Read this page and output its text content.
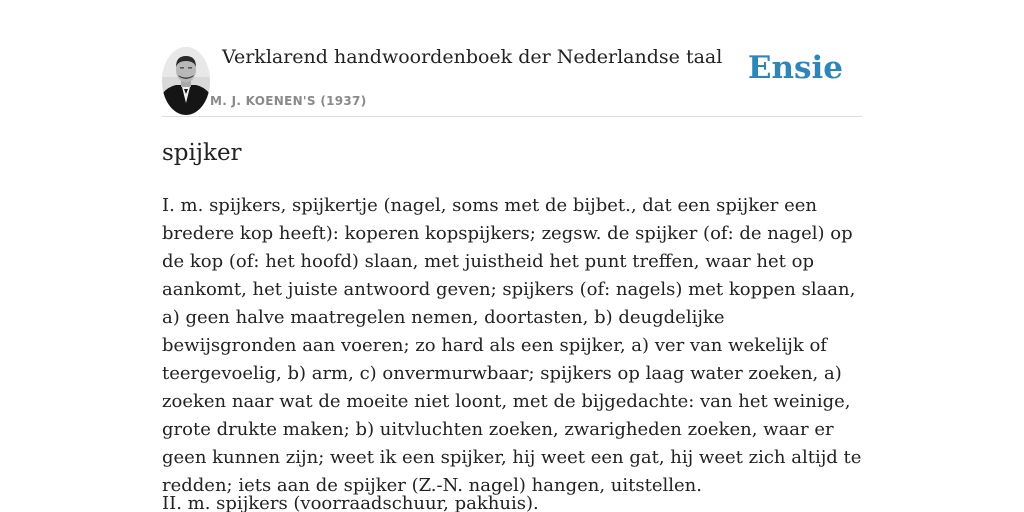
Verklarend handwoordenboek der Nederlandse taal
M. J. KOENEN'S (1937)
Ensie
spijker

I. m. spijkers, spijkertje (nagel, soms met de bijbet., dat een spijker een bredere kop heeft): koperen kopspijkers; zegsw. de spijker (of: de nagel) op de kop (of: het hoofd) slaan, met juistheid het punt treffen, waar het op aankomt, het juiste antwoord geven; spijkers (of: nagels) met koppen slaan, a) geen halve maatregelen nemen, doortasten, b) deugdelijke bewijsgronden aan voeren; zo hard als een spijker, a) ver van wekelijk of teergevoelig, b) arm, c) onvermurwbaar; spijkers op laag water zoeken, a) zoeken naar wat de moeite niet loont, met de bijgedachte: van het weinige, grote drukte maken; b) uitvluchten zoeken, zwarigheden zoeken, waar er geen kunnen zijn; weet ik een spijker, hij weet een gat, hij weet zich altijd te redden; iets aan de spijker (Z.-N. nagel) hangen, uitstellen.

II. m. spijkers (voorraadschuur, pakhuis).
